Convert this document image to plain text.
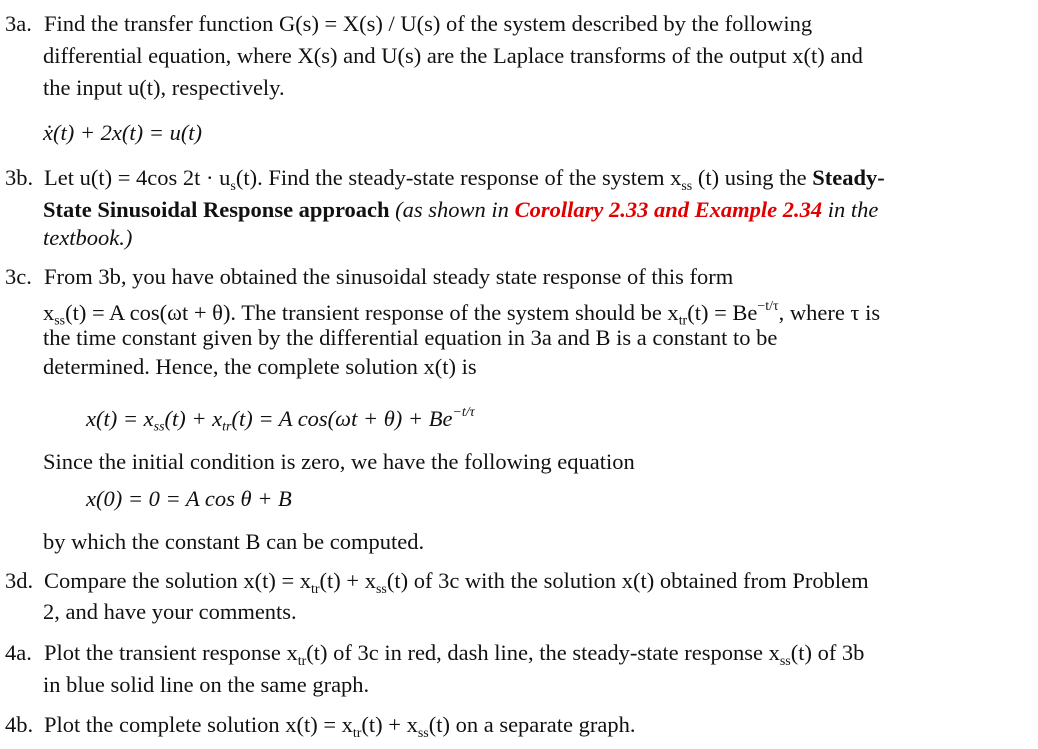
3a. Find the transfer function G(s) = X(s) / U(s) of the system described by the following
differential equation, where X(s) and U(s) are the Laplace transforms of the output x(t) and
the input u(t), respectively.
ẋ(t) + 2x(t) = u(t)
3b. Let u(t) = 4cos $2t \cdot u_s(t)$. Find the steady-state response of the system $x_{ss}$ (t) using the Steady-
State Sinusoidal Response approach (as shown in Corollary 2.33 and Example 2.34 in the
textbook.)
3c. From 3b, you have obtained the sinusoidal steady state response of this form
$x_{ss}(t) = A$ cos(ωt + θ). The transient response of the system should be $x_{tr}(t) = Be^{-t/\tau}$, where τ is
the time constant given by the differential equation in 3a and B is a constant to be
determined. Hence, the complete solution x(t) is
$x(t) = x_{ss}(t) + x_{tr}(t) = A$ $\cos(\omega t + \theta) + Be^{-t/\tau}$
Since the initial condition is zero, we have the following equation
x(0) = 0 = A cos θ + B
by which the constant B can be computed.
3d. Compare the solution $x(t) = x_{tr}(t) + x_{ss}(t)$ of 3c with the solution x(t) obtained from Problem
2, and have your comments.
4a. Plot the transient response $x_{tr}(t)$ of 3c in red, dash line, the steady-state response $x_{ss}(t)$ of 3b
in blue solid line on the same graph.
4b. Plot the complete solution $x(t) = x_{tr}(t) + x_{ss}(t)$ on a separate graph.
